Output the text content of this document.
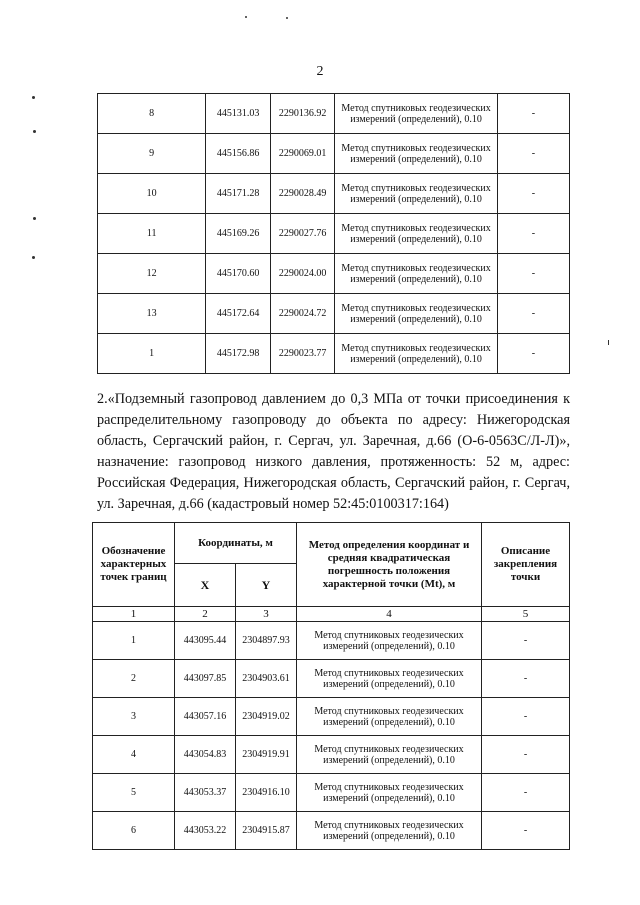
2
8	445131.03	2290136.92	Метод спутниковых геодезических измерений (определений), 0.10	-
9	445156.86	2290069.01	Метод спутниковых геодезических измерений (определений), 0.10	-
10	445171.28	2290028.49	Метод спутниковых геодезических измерений (определений), 0.10	-
11	445169.26	2290027.76	Метод спутниковых геодезических измерений (определений), 0.10	-
12	445170.60	2290024.00	Метод спутниковых геодезических измерений (определений), 0.10	-
13	445172.64	2290024.72	Метод спутниковых геодезических измерений (определений), 0.10	-
1	445172.98	2290023.77	Метод спутниковых геодезических измерений (определений), 0.10	-
2.«Подземный газопровод давлением до 0,3 МПа от точки присоединения к распределительному газопроводу до объекта по адресу: Нижегородская область, Сергачский район, г. Сергач, ул. Заречная, д.66 (О-6-0563С/Л-Л)», назначение: газопровод низкого давления, протяженность: 52 м, адрес: Российская Федерация, Нижегородская область, Сергачский район, г. Сергач, ул. Заречная, д.66 (кадастровый номер 52:45:0100317:164)
Обозначение характерных точек границ	Координаты, м		Метод определения координат и средняя квадратическая погрешность положения характерной точки (Mt), м	Описание закрепления точки
	X	Y		
1	2	3	4	5
1	443095.44	2304897.93	Метод спутниковых геодезических измерений (определений), 0.10	-
2	443097.85	2304903.61	Метод спутниковых геодезических измерений (определений), 0.10	-
3	443057.16	2304919.02	Метод спутниковых геодезических измерений (определений), 0.10	-
4	443054.83	2304919.91	Метод спутниковых геодезических измерений (определений), 0.10	-
5	443053.37	2304916.10	Метод спутниковых геодезических измерений (определений), 0.10	-
6	443053.22	2304915.87	Метод спутниковых геодезических измерений (определений), 0.10	-
